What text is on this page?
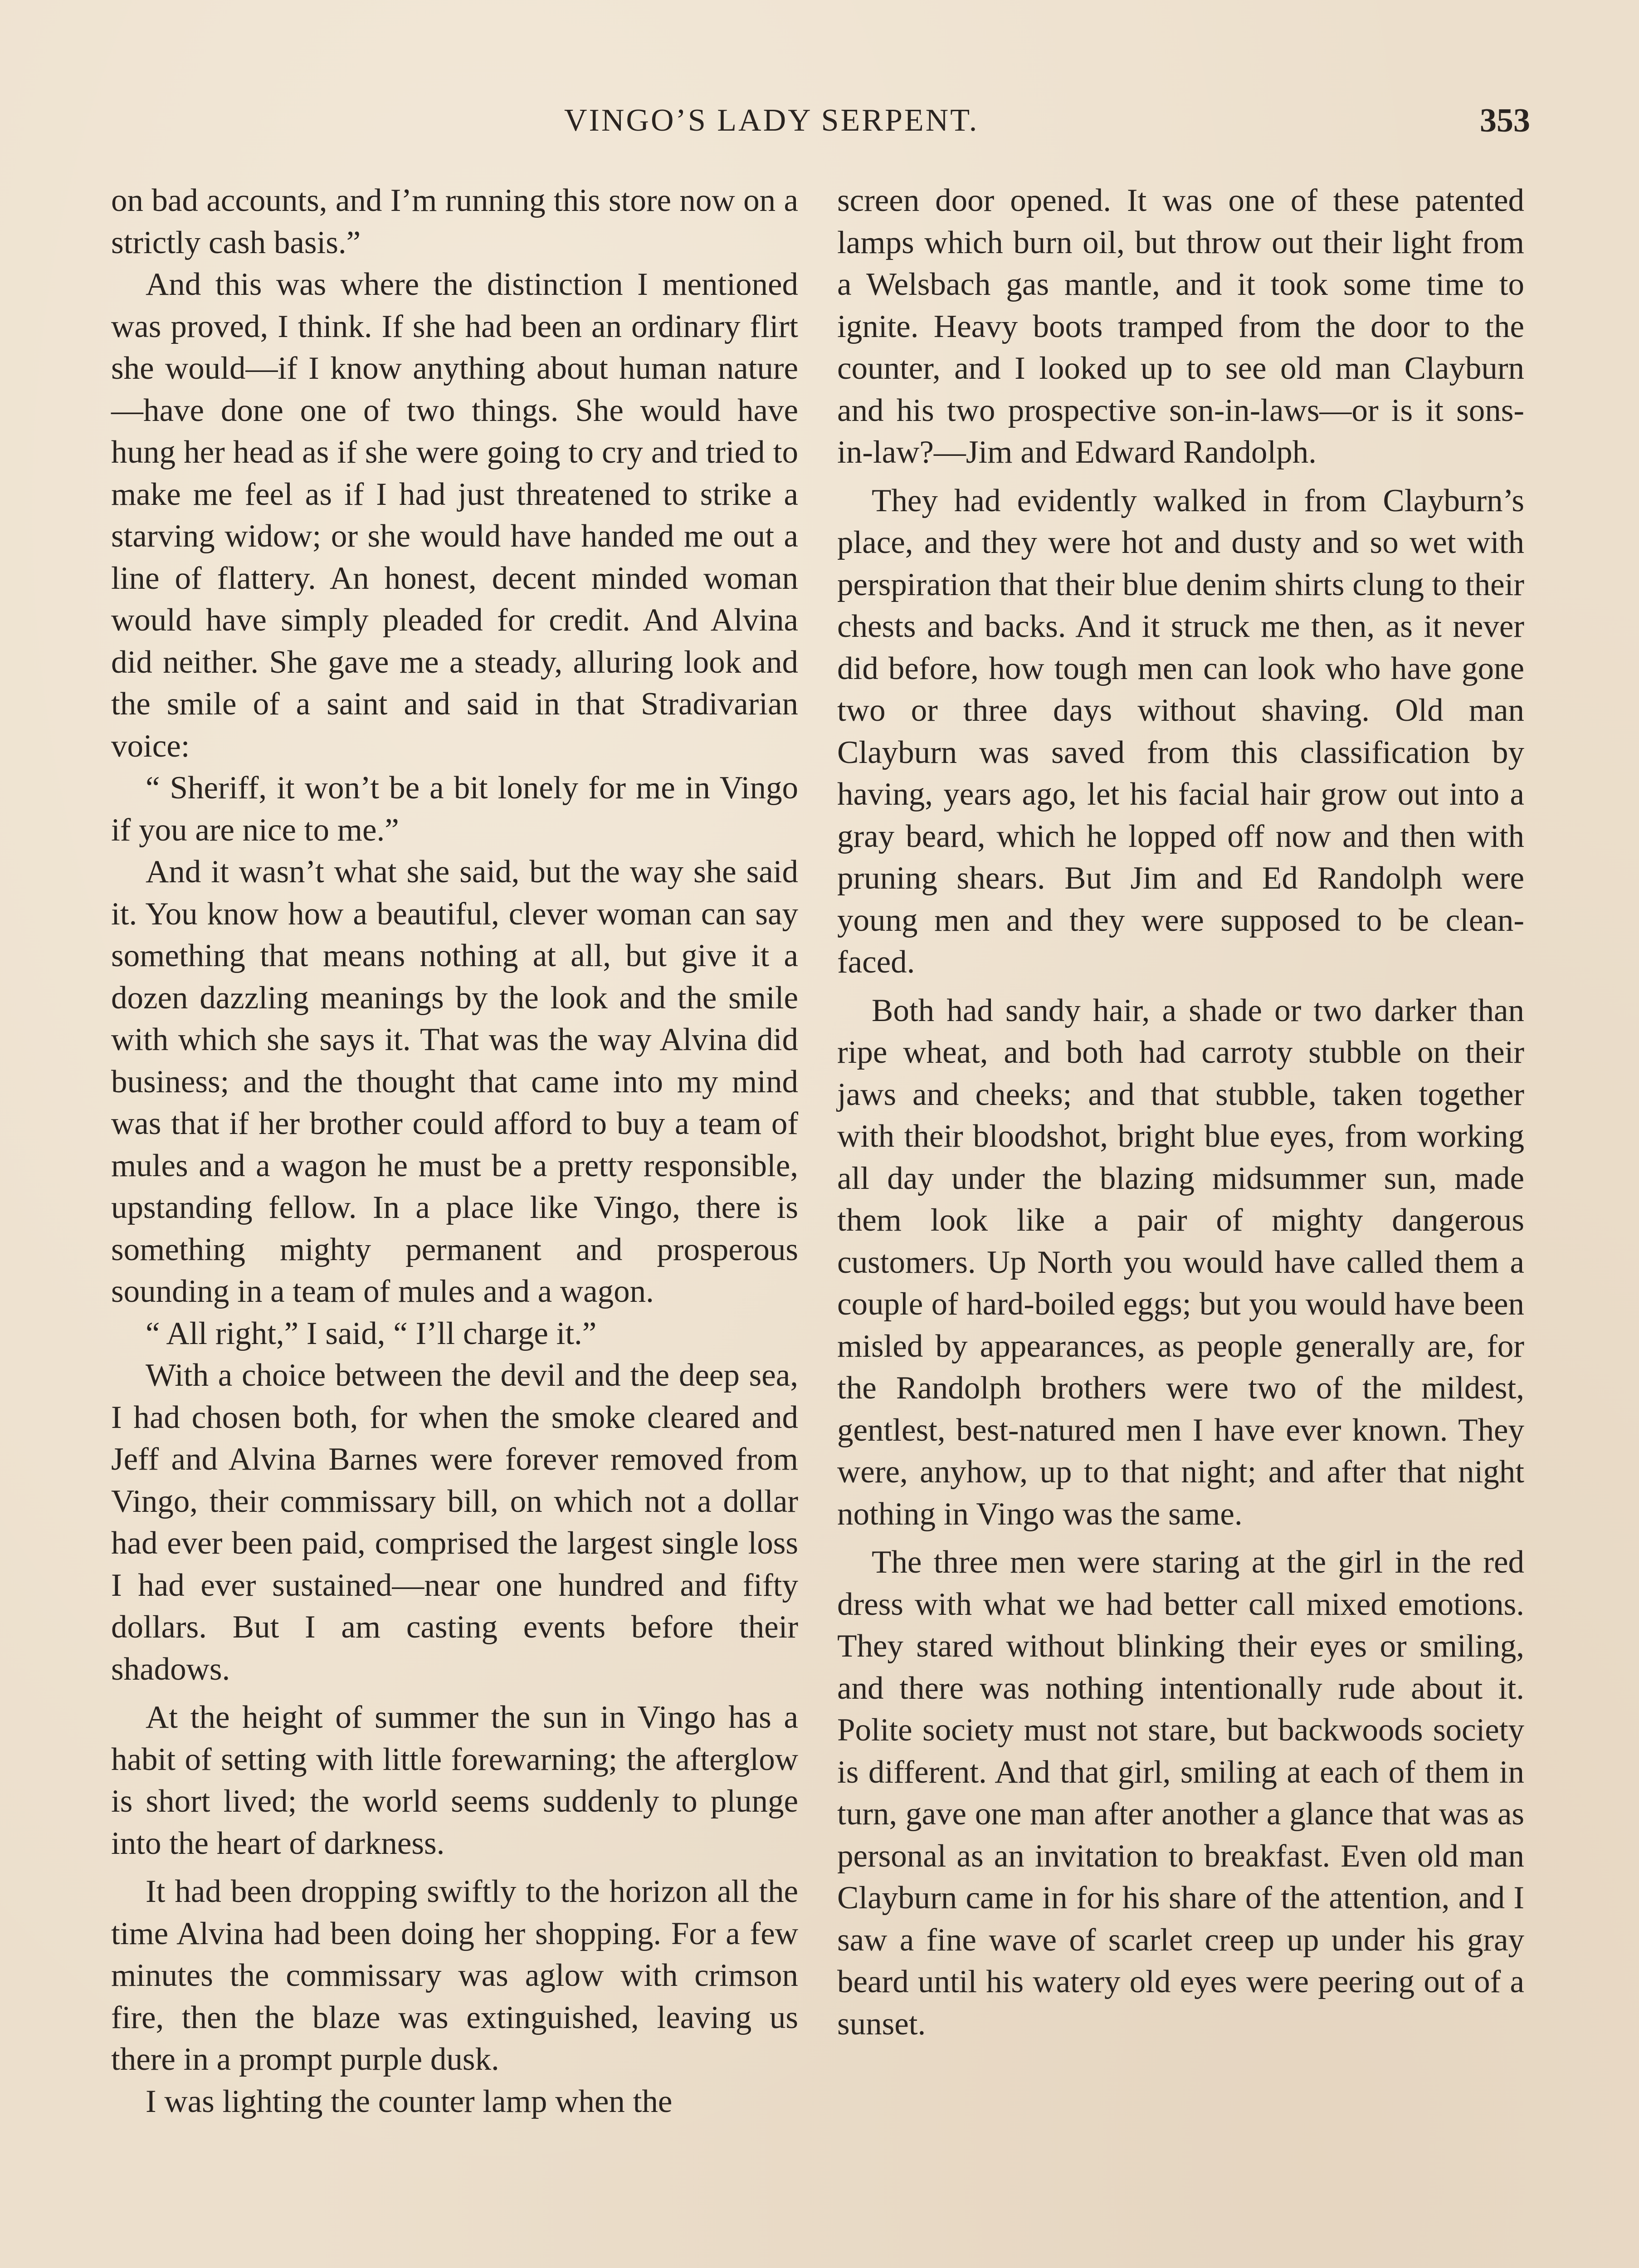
VINGO’S LADY SERPENT.	353

on bad accounts, and I’m running this store now on a strictly cash basis.”

And this was where the distinction I mentioned was proved, I think. If she had been an ordinary flirt she would—if I know anything about human nature—have done one of two things. She would have hung her head as if she were going to cry and tried to make me feel as if I had just threatened to strike a starving widow; or she would have handed me out a line of flattery. An honest, decent minded woman would have simply pleaded for credit. And Alvina did neither. She gave me a steady, alluring look and the smile of a saint and said in that Stradivarian voice:

“ Sheriff, it won’t be a bit lonely for me in Vingo if you are nice to me.”

And it wasn’t what she said, but the way she said it. You know how a beautiful, clever woman can say something that means nothing at all, but give it a dozen dazzling meanings by the look and the smile with which she says it. That was the way Alvina did business; and the thought that came into my mind was that if her brother could afford to buy a team of mules and a wagon he must be a pretty responsible, upstanding fellow. In a place like Vingo, there is something mighty permanent and prosperous sounding in a team of mules and a wagon.

“ All right,” I said, “ I’ll charge it.”

With a choice between the devil and the deep sea, I had chosen both, for when the smoke cleared and Jeff and Alvina Barnes were forever removed from Vingo, their commissary bill, on which not a dollar had ever been paid, comprised the largest single loss I had ever sustained—near one hundred and fifty dollars. But I am casting events before their shadows.

At the height of summer the sun in Vingo has a habit of setting with little forewarning; the afterglow is short lived; the world seems suddenly to plunge into the heart of darkness.

It had been dropping swiftly to the horizon all the time Alvina had been doing her shopping. For a few minutes the commissary was aglow with crimson fire, then the blaze was extinguished, leaving us there in a prompt purple dusk.

I was lighting the counter lamp when the

screen door opened. It was one of these patented lamps which burn oil, but throw out their light from a Welsbach gas mantle, and it took some time to ignite. Heavy boots tramped from the door to the counter, and I looked up to see old man Clayburn and his two prospective son-in-laws—or is it sons-in-law?—Jim and Edward Randolph.

They had evidently walked in from Clayburn’s place, and they were hot and dusty and so wet with perspiration that their blue denim shirts clung to their chests and backs. And it struck me then, as it never did before, how tough men can look who have gone two or three days without shaving. Old man Clayburn was saved from this classification by having, years ago, let his facial hair grow out into a gray beard, which he lopped off now and then with pruning shears. But Jim and Ed Randolph were young men and they were supposed to be clean-faced.

Both had sandy hair, a shade or two darker than ripe wheat, and both had carroty stubble on their jaws and cheeks; and that stubble, taken together with their bloodshot, bright blue eyes, from working all day under the blazing midsummer sun, made them look like a pair of mighty dangerous customers. Up North you would have called them a couple of hard-boiled eggs; but you would have been misled by appearances, as people generally are, for the Randolph brothers were two of the mildest, gentlest, best-natured men I have ever known. They were, anyhow, up to that night; and after that night nothing in Vingo was the same.

The three men were staring at the girl in the red dress with what we had better call mixed emotions. They stared without blinking their eyes or smiling, and there was nothing intentionally rude about it. Polite society must not stare, but backwoods society is different. And that girl, smiling at each of them in turn, gave one man after another a glance that was as personal as an invitation to breakfast. Even old man Clayburn came in for his share of the attention, and I saw a fine wave of scarlet creep up under his gray beard until his watery old eyes were peering out of a sunset.
